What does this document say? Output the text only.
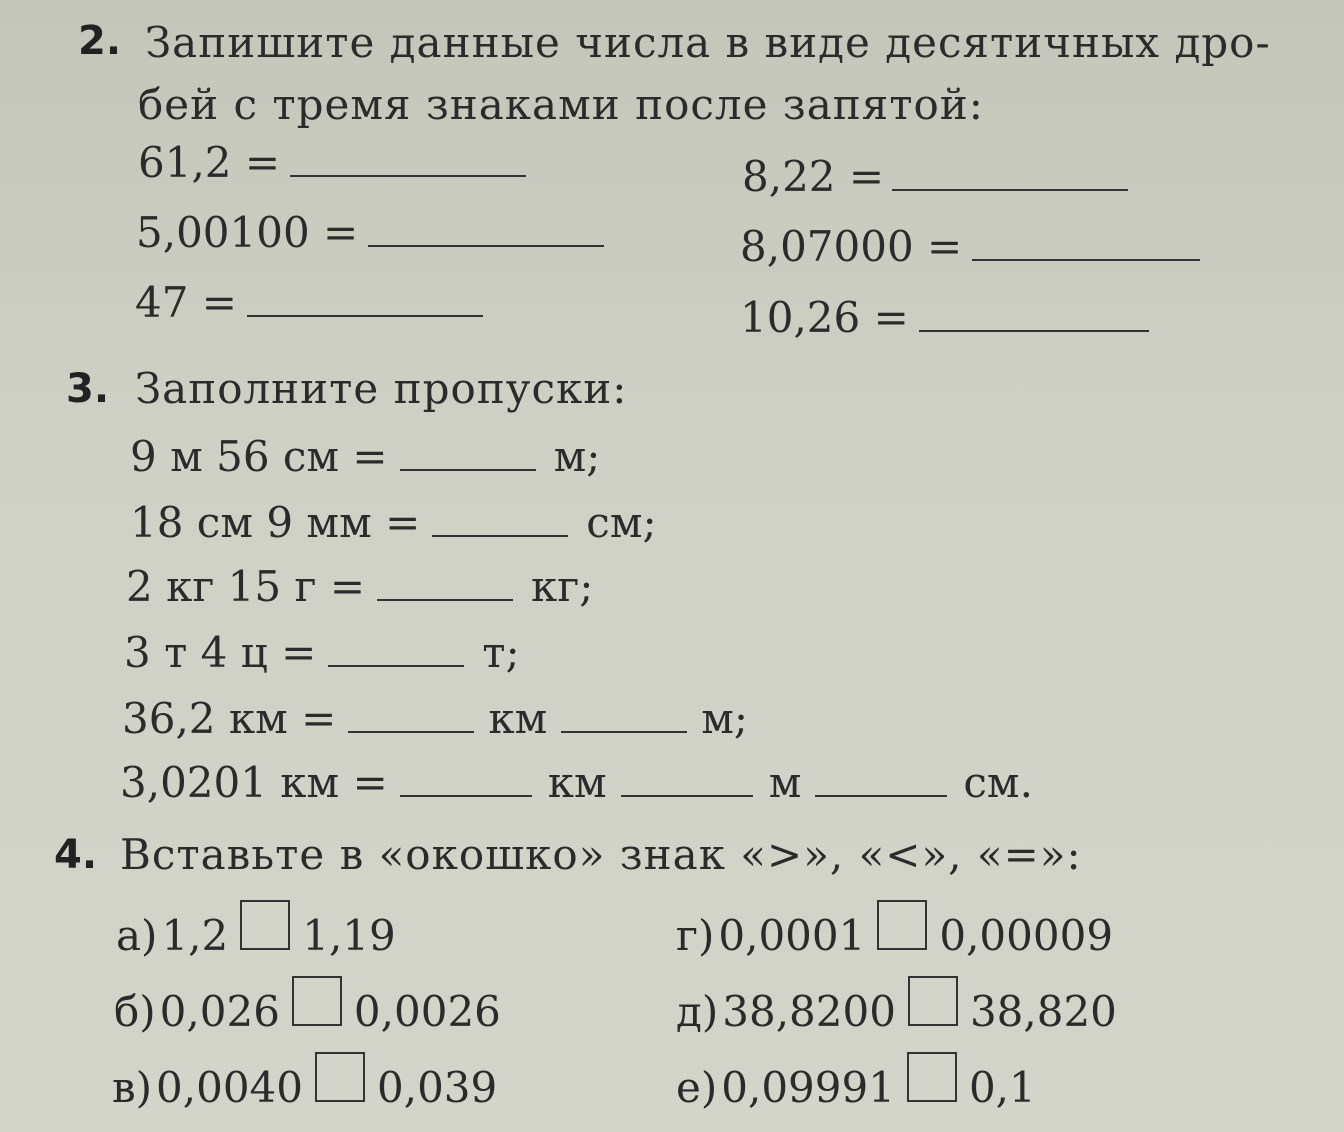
2. Запишите данные числа в виде десятичных дро-
бей с тремя знаками после запятой:
61,2 =	8,22 =
5,00100 =	8,07000 =
47 =	10,26 =
3. Заполните пропуски:
9 м 56 см =	м;
18 см 9 мм =	см;
2 кг 15 г =	кг;
3 т 4 ц =	т;
36,2 км =	км	м;
3,0201 км =	км	м	см.
4. Вставьте в «окошко» знак «>», «<», «=»:
а) 1,2 1,19	г) 0,0001 0,00009
б) 0,026 0,0026	д) 38,8200 38,820
в) 0,0040 0,039	е) 0,09991 0,1
